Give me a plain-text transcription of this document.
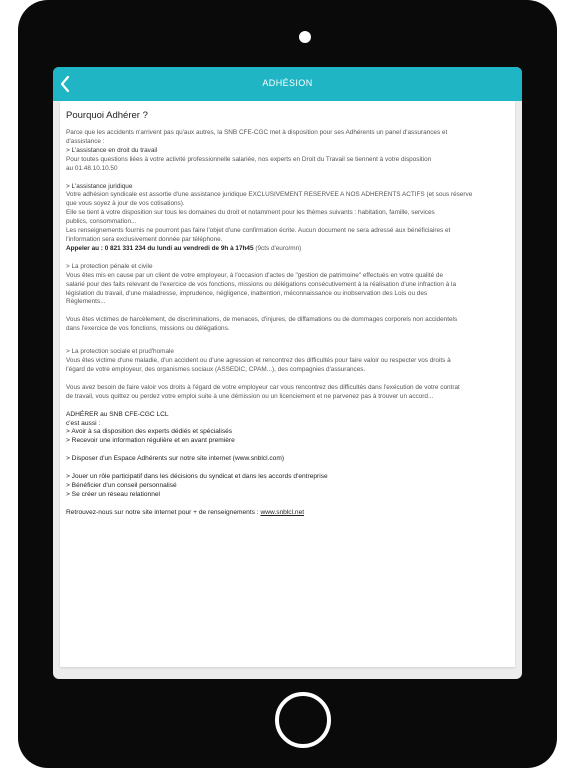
ADHÉSION
Pourquoi Adhérer ?

Parce que les accidents n'arrivent pas qu'aux autres, la SNB CFE-CGC met à disposition pour ses Adhérents un panel d'assurances et

d'assistance :

> L'assistance en droit du travail

Pour toutes questions liées à votre activité professionnelle salariée, nos experts en Droit du Travail se tiennent à votre disposition

au 01.48.10.10.50

> L'assistance juridique

Votre adhésion syndicale est assortie d'une assistance juridique EXCLUSIVEMENT RESERVEE A NOS ADHERENTS ACTIFS (et sous réserve

que vous soyez à jour de vos cotisations).

Elle se tient à votre disposition sur tous les domaines du droit et notamment pour les thèmes suivants : habitation, famille, services

publics, consommation...

Les renseignements fournis ne pourront pas faire l'objet d'une confirmation écrite. Aucun document ne sera adressé aux bénéficiaires et

l'information sera exclusivement donnée par téléphone.

Appeler au : 0 821 331 234 du lundi au vendredi de 9h à 17h45 (9cts d'euro/mn)

> La protection pénale et civile

Vous êtes mis en cause par un client de votre employeur, à l'occasion d'actes de "gestion de patrimoine" effectués en votre qualité de

salarié pour des faits relevant de l'exercice de vos fonctions, missions ou délégations consécutivement à la réalisation d'une infraction à la

législation du travail, d'une maladresse, imprudence, négligence, inattention, méconnaissance ou inobservation des Lois ou des

Règlements...

Vous êtes victimes de harcèlement, de discriminations, de menaces, d'injures, de diffamations ou de dommages corporels non accidentels

dans l'exercice de vos fonctions, missions ou délégations.

> La protection sociale et prud'homale

Vous êtes victime d'une maladie, d'un accident ou d'une agression et rencontrez des difficultés pour faire valoir ou respecter vos droits à

l'égard de votre employeur, des organismes sociaux (ASSEDIC, CPAM...), des compagnies d'assurances.

Vous avez besoin de faire valoir vos droits à l'égard de votre employeur car vous rencontrez des difficultés dans l'exécution de votre contrat

de travail, vous quittez ou perdez votre emploi suite à une démission ou un licenciement et ne parvenez pas à trouver un accord...

ADHÉRER au SNB CFE-CGC LCL

c'est aussi :

> Avoir à sa disposition des experts dédiés et spécialisés

> Recevoir une information régulière et en avant première

> Disposer d'un Espace Adhérents sur notre site internet (www.snblcl.com)

> Jouer un rôle participatif dans les décisions du syndicat et dans les accords d'entreprise

> Bénéficier d'un conseil personnalisé

> Se créer un réseau relationnel

Retrouvez-nous sur notre site internet pour + de renseignements : www.snblcl.net
